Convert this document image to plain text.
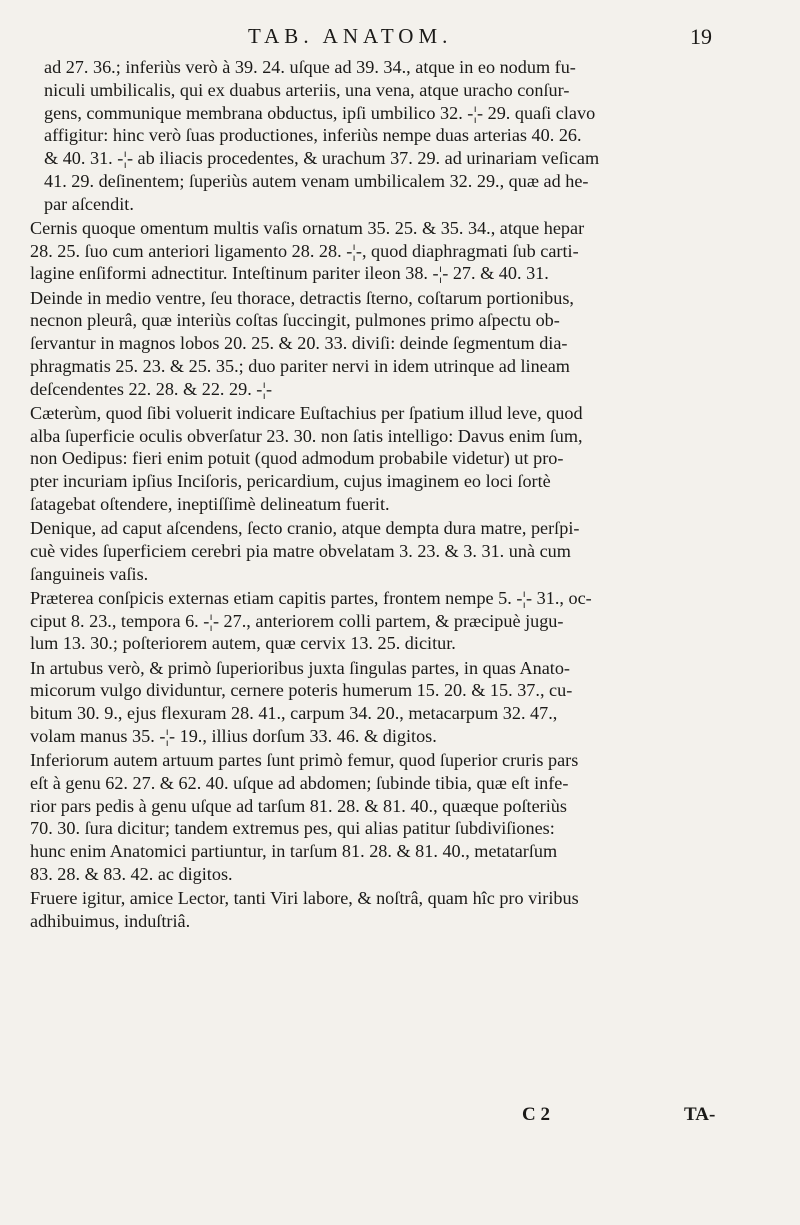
TAB. ANATOM.	19

ad 27. 36.; inferiùs verò à 39. 24. uſque ad 39. 34., atque in eo nodum fu-
niculi umbilicalis, qui ex duabus arteriis, una vena, atque uracho conſur-
gens, communique membrana obductus, ipſi umbilico 32. -¦- 29. quaſi clavo
affigitur: hinc verò ſuas productiones, inferiùs nempe duas arterias 40. 26.
& 40. 31. -¦- ab iliacis procedentes, & urachum 37. 29. ad urinariam veſicam
41. 29. deſinentem; ſuperiùs autem venam umbilicalem 32. 29., quæ ad he-
par aſcendit.

Cernis quoque omentum multis vaſis ornatum 35. 25. & 35. 34., atque hepar
28. 25. ſuo cum anteriori ligamento 28. 28. -¦-, quod diaphragmati ſub carti-
lagine enſiformi adnectitur. Inteſtinum pariter ileon 38. -¦- 27. & 40. 31.

Deinde in medio ventre, ſeu thorace, detractis ſterno, coſtarum portionibus,
necnon pleurâ, quæ interiùs coſtas ſuccingit, pulmones primo aſpectu ob-
ſervantur in magnos lobos 20. 25. & 20. 33. diviſi: deinde ſegmentum dia-
phragmatis 25. 23. & 25. 35.; duo pariter nervi in idem utrinque ad lineam
deſcendentes 22. 28. & 22. 29. -¦-

Cæterùm, quod ſibi voluerit indicare Euſtachius per ſpatium illud leve, quod
alba ſuperficie oculis obverſatur 23. 30. non ſatis intelligo: Davus enim ſum,
non Oedipus: fieri enim potuit (quod admodum probabile videtur) ut pro-
pter incuriam ipſius Inciſoris, pericardium, cujus imaginem eo loci ſortè
ſatagebat oſtendere, ineptiſſimè delineatum fuerit.

Denique, ad caput aſcendens, ſecto cranio, atque dempta dura matre, perſpi-
cuè vides ſuperficiem cerebri pia matre obvelatam 3. 23. & 3. 31. unà cum
ſanguineis vaſis.

Præterea conſpicis externas etiam capitis partes, frontem nempe 5. -¦- 31., oc-
ciput 8. 23., tempora 6. -¦- 27., anteriorem colli partem, & præcipuè jugu-
lum 13. 30.; poſteriorem autem, quæ cervix 13. 25. dicitur.

In artubus verò, & primò ſuperioribus juxta ſingulas partes, in quas Anato-
micorum vulgo dividuntur, cernere poteris humerum 15. 20. & 15. 37., cu-
bitum 30. 9., ejus flexuram 28. 41., carpum 34. 20., metacarpum 32. 47.,
volam manus 35. -¦- 19., illius dorſum 33. 46. & digitos.

Inferiorum autem artuum partes ſunt primò femur, quod ſuperior cruris pars
eſt à genu 62. 27. & 62. 40. uſque ad abdomen; ſubinde tibia, quæ eſt infe-
rior pars pedis à genu uſque ad tarſum 81. 28. & 81. 40., quæque poſteriùs
70. 30. ſura dicitur; tandem extremus pes, qui alias patitur ſubdiviſiones:
hunc enim Anatomici partiuntur, in tarſum 81. 28. & 81. 40., metatarſum
83. 28. & 83. 42. ac digitos.

Fruere igitur, amice Lector, tanti Viri labore, & noſtrâ, quam hîc pro viribus
adhibuimus, induſtriâ.

C 2	TA-
